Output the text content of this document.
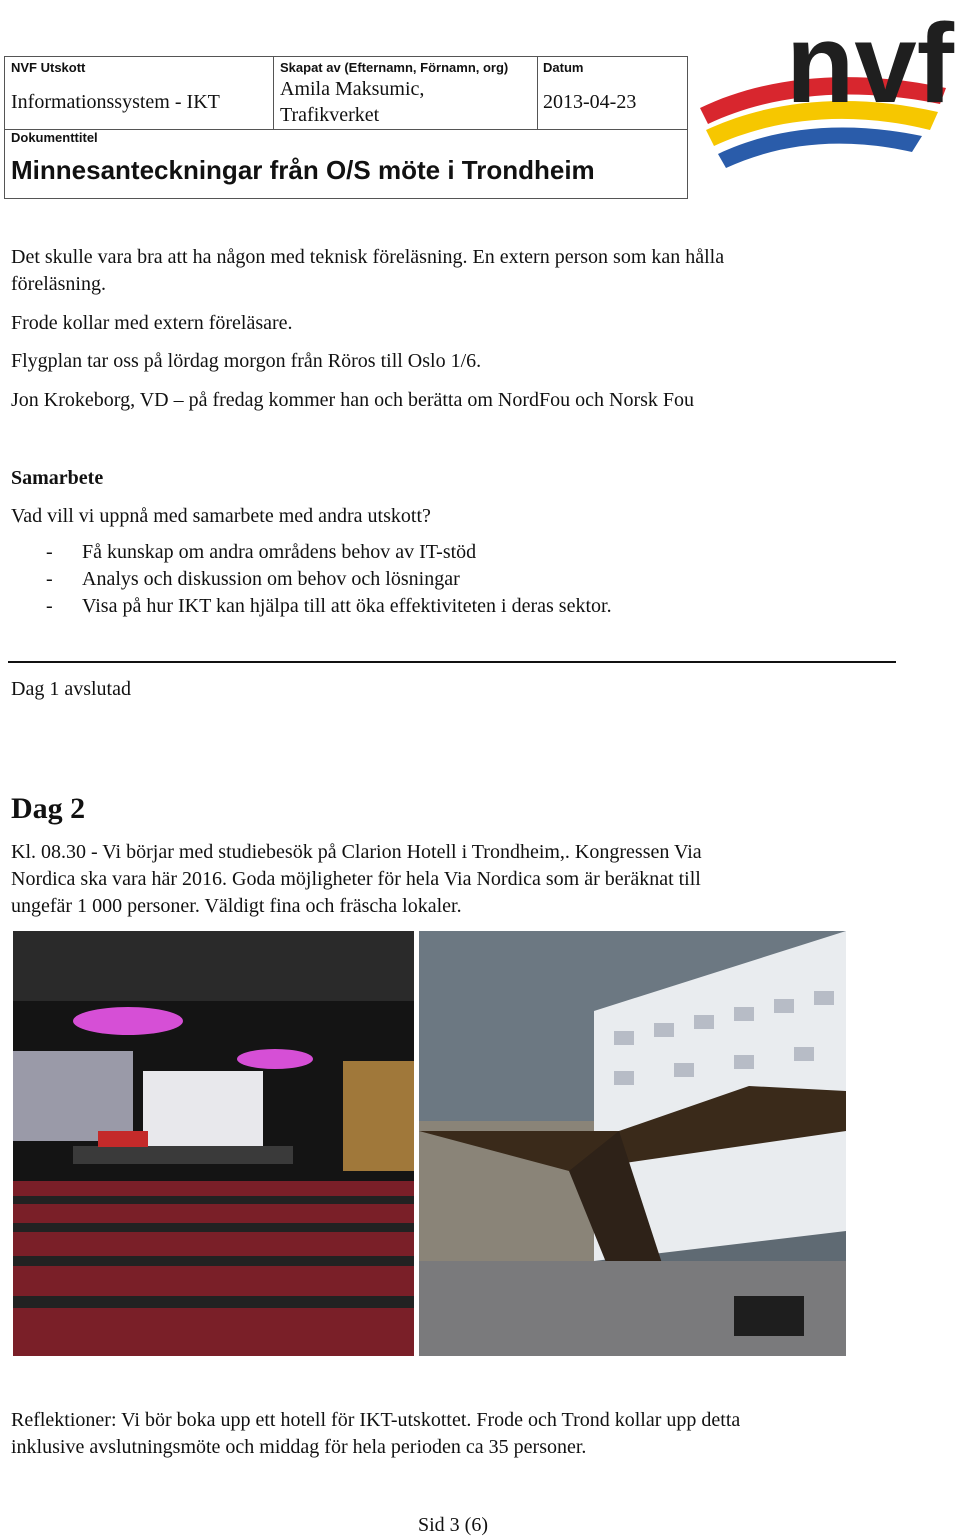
NVF Utskott
Informationssystem - IKT
Skapat av (Efternamn, Förnamn, org)
Amila Maksumic,
Trafikverket
Datum
2013-04-23
Dokumenttitel
Minnesanteckningar från O/S möte i Trondheim
nvf
Det skulle vara bra att ha någon med teknisk föreläsning. En extern person som kan hålla
föreläsning.
Frode kollar med extern föreläsare.
Flygplan tar oss på lördag morgon från Röros till Oslo 1/6.
Jon Krokeborg, VD – på fredag kommer han och berätta om NordFou och Norsk Fou
Samarbete
Vad vill vi uppnå med samarbete med andra utskott?
- Få kunskap om andra områdens behov av IT-stöd
- Analys och diskussion om behov och lösningar
- Visa på hur IKT kan hjälpa till att öka effektiviteten i deras sektor.
Dag 1 avslutad
Dag 2
Kl. 08.30 - Vi börjar med studiebesök på Clarion Hotell i Trondheim,. Kongressen Via
Nordica ska vara här 2016. Goda möjligheter för hela Via Nordica som är beräknat till
ungefär 1 000 personer. Väldigt fina och fräscha lokaler.
Reflektioner: Vi bör boka upp ett hotell för IKT-utskottet. Frode och Trond kollar upp detta
inklusive avslutningsmöte och middag för hela perioden ca 35 personer.
Sid 3 (6)
